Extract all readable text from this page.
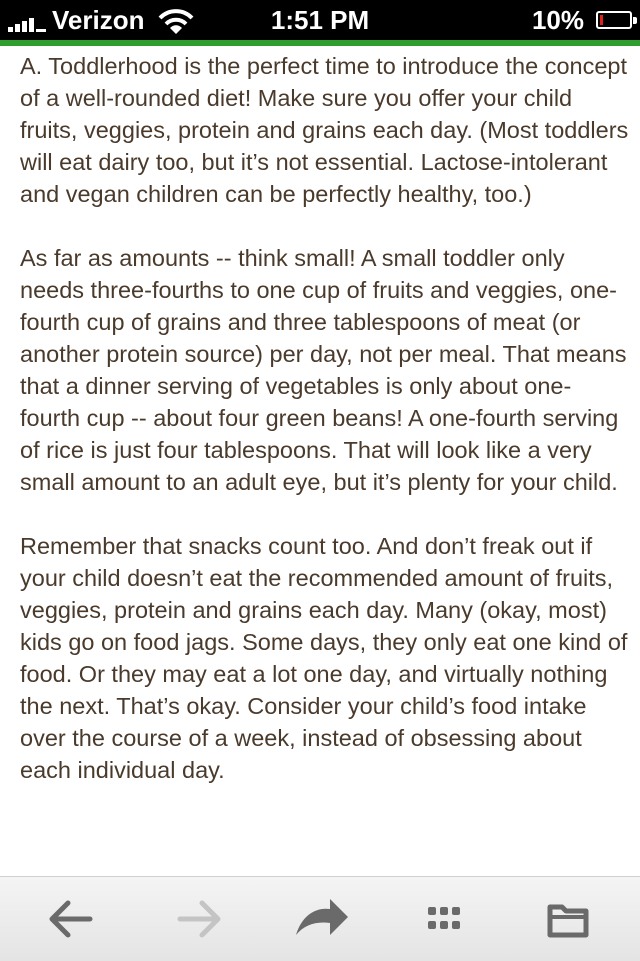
Verizon	1:51 PM	10%

A. Toddlerhood is the perfect time to introduce the concept of a well-rounded diet! Make sure you offer your child fruits, veggies, protein and grains each day. (Most toddlers will eat dairy too, but it’s not essential. Lactose-intolerant and vegan children can be perfectly healthy, too.)

As far as amounts -- think small! A small toddler only needs three-fourths to one cup of fruits and veggies, one-fourth cup of grains and three tablespoons of meat (or another protein source) per day, not per meal. That means that a dinner serving of vegetables is only about one-fourth cup -- about four green beans! A one-fourth serving of rice is just four tablespoons. That will look like a very small amount to an adult eye, but it’s plenty for your child.

Remember that snacks count too. And don’t freak out if your child doesn’t eat the recommended amount of fruits, veggies, protein and grains each day. Many (okay, most) kids go on food jags. Some days, they only eat one kind of food. Or they may eat a lot one day, and virtually nothing the next. That’s okay. Consider your child’s food intake over the course of a week, instead of obsessing about each individual day.
